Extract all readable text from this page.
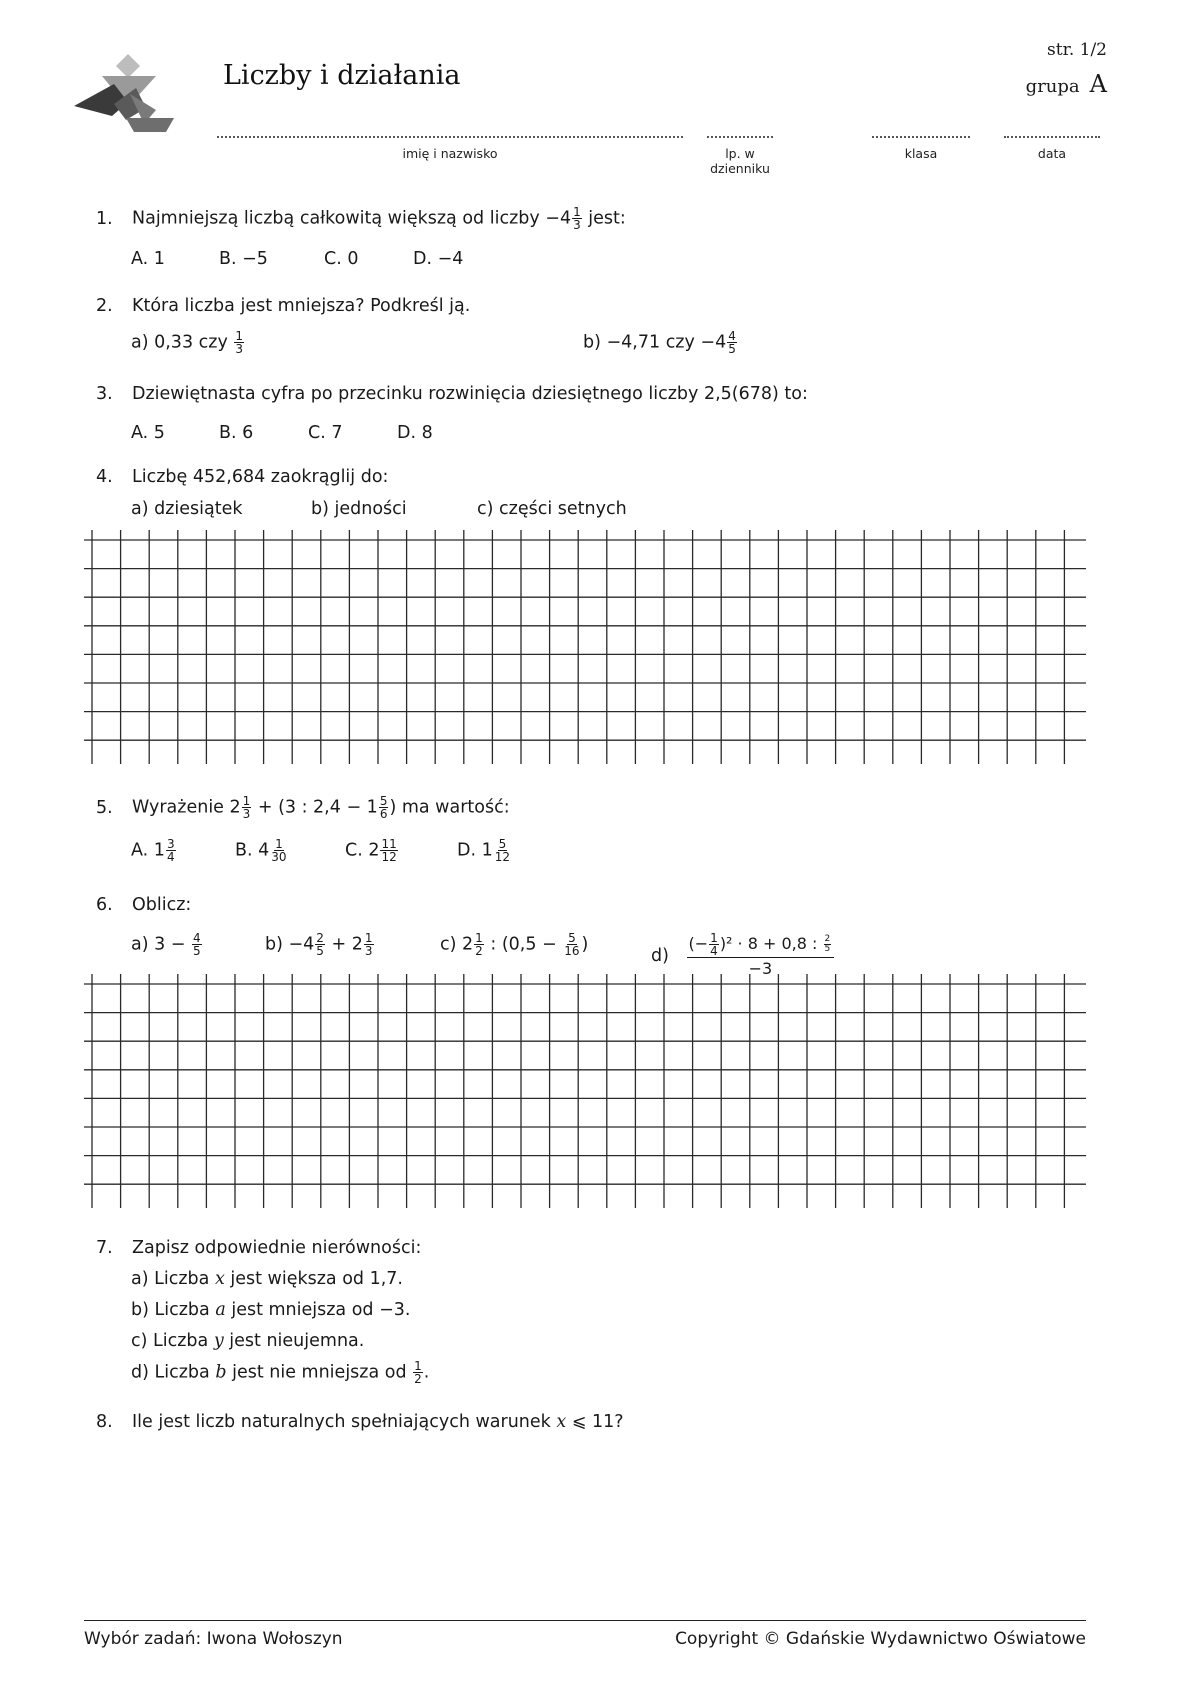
Liczby i działania
str. 1/2
grupa A
imię i nazwisko	lp. w dzienniku
klasa	data
1. Najmniejszą liczbą całkowitą większą od liczby $-4 \frac{1}{3}$ jest:
A. 1	B. −5	C. 0	D. −4
2. Która liczba jest mniejsza? Podkreśl ją.
a) 0,33 czy $\frac{1}{3}$	b) −4,71 czy $-4 \frac{4}{5}$
3. Dziewiętnasta cyfra po przecinku rozwinięcia dziesiętnego liczby 2,5(678) to:
A. 5	B. 6	C. 7	D. 8
4. Liczbę 452,684 zaokrąglij do:
a) dziesiątek	b) jedności	c) części setnych
5. Wyrażenie $2 \frac{1}{3} + (3$ : $2,4 - 1 \frac{5}{6}$ ) ma wartość:
A. $1 \frac{3}{4}$	B. $4 \frac{1}{30}$	C. $2 \frac{11}{12}$	D. $1 \frac{5}{12}$
6. Oblicz:
a) $3 - \frac{4}{5}$	$b) -4 \frac{2}{5} + 2 \frac{1}{3}$	c) $2 \frac{1}{2}$ : ($0,5 - \frac{5}{16}$ )
$d) \frac{(- \frac{1}{4} )^2 \cdot 8 + 0,8 : \frac{2}{5}}{-3}$
7. Zapisz odpowiednie nierówności:
a) Liczba x jest większa od 1,7.
b) Liczba a jest mniejsza od −3.
c) Liczba y jest nieujemna.
d) Liczba b jest nie mniejsza od $\frac{1}{2}$ .
8. Ile jest liczb naturalnych spełniających warunek x ⩽ 11?
Wybór zadań: Iwona Wołoszyn	Copyright © Gdańskie Wydawnictwo Oświatowe
